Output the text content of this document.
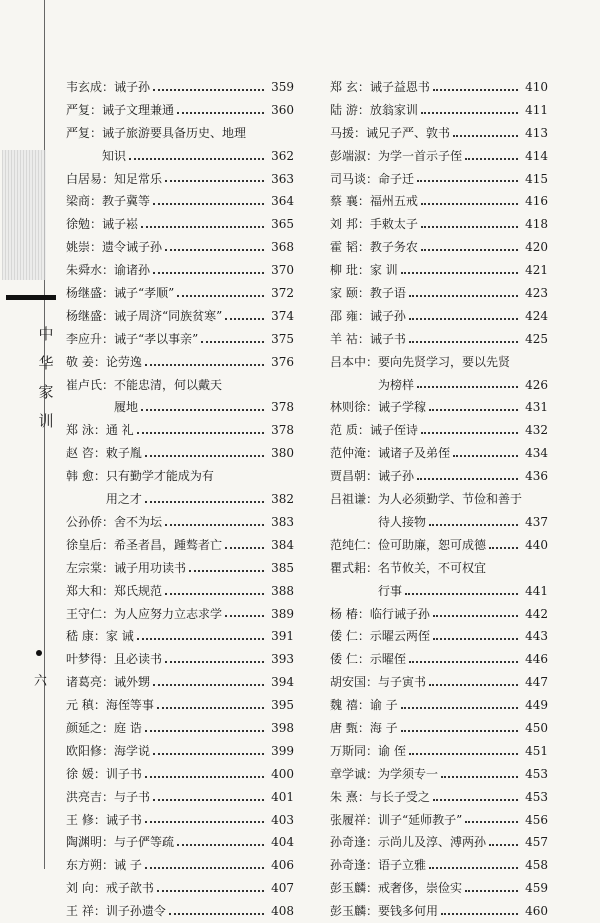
中
华
家
训
六
韦玄成： 诫子孙	359
严复： 诫子文理兼通	360
严复： 诫子旅游要具备历史、地理
知识	362
白居易： 知足常乐	363
梁商： 教子冀等	364
徐勉： 诫子崧	365
姚崇： 遗令诫子孙	368
朱舜水： 谕诸孙	370
杨继盛： 诫子“孝顺”	372
杨继盛： 诫子周济“同族贫寒”	374
李应升： 诫子“孝以事亲”	375
敬 姜： 论劳逸	376
崔卢氏： 不能忠清，何以戴天
履地	378
郑 泳： 通 礼	378
赵 咨： 敕子胤	380
韩 愈： 只有勤学才能成为有
用之才	382
公孙侨： 舍不为坛	383
徐皇后： 希圣者昌，踵骜者亡	384
左宗棠： 诫子用功读书	385
郑大和： 郑氏规范	388
王守仁： 为人应努力立志求学	389
嵇 康： 家 诫	391
叶梦得： 且必读书	393
诸葛亮： 诫外甥	394
元 稹： 海侄等事	395
颜延之： 庭 诰	398
欧阳修： 海学说	399
徐 媛： 训子书	400
洪亮吉： 与子书	401
王 修： 诫子书	403
陶渊明： 与子俨等疏	404
东方朔： 诫 子	406
刘 向： 戒子歆书	407
王 祥： 训子孙遗令	408
郑 玄： 诫子益恩书	410
陆 游： 放翁家训	411
马援： 诫兄子严、敦书	413
彭端淑： 为学一首示子侄	414
司马谈： 命子迁	415
蔡 襄： 福州五戒	416
刘 邦： 手敕太子	418
霍 韬： 教子务农	420
柳 玭： 家 训	421
家 颐： 教子语	423
邵 雍： 诫子孙	424
羊 祜： 诫子书	425
吕本中： 要向先贤学习，要以先贤
为榜样	426
林则徐： 诫子学稼	431
范 质： 诫子侄诗	432
范仲淹： 诫诸子及弟侄	434
贾昌朝： 诫子孙	436
吕祖谦： 为人必须勤学、节俭和善于
待人接物	437
范纯仁： 俭可助廉，恕可成德	440
瞿式耜： 名节攸关，不可权宜
行事	441
杨 椿： 临行诫子孙	442
倭 仁： 示曜云两侄	443
倭 仁： 示曜侄	446
胡安国： 与子寅书	447
魏 禧： 谕 子	449
唐 甄： 海 子	450
万斯同： 谕 侄	451
章学诚： 为学须专一	453
朱 熹： 与长子受之	453
张履祥： 训子“延师教子”	456
孙奇逢： 示尚儿及淳、溥两孙	457
孙奇逢： 语子立雅	458
彭玉麟： 戒奢侈，崇俭实	459
彭玉麟： 要钱多何用	460
